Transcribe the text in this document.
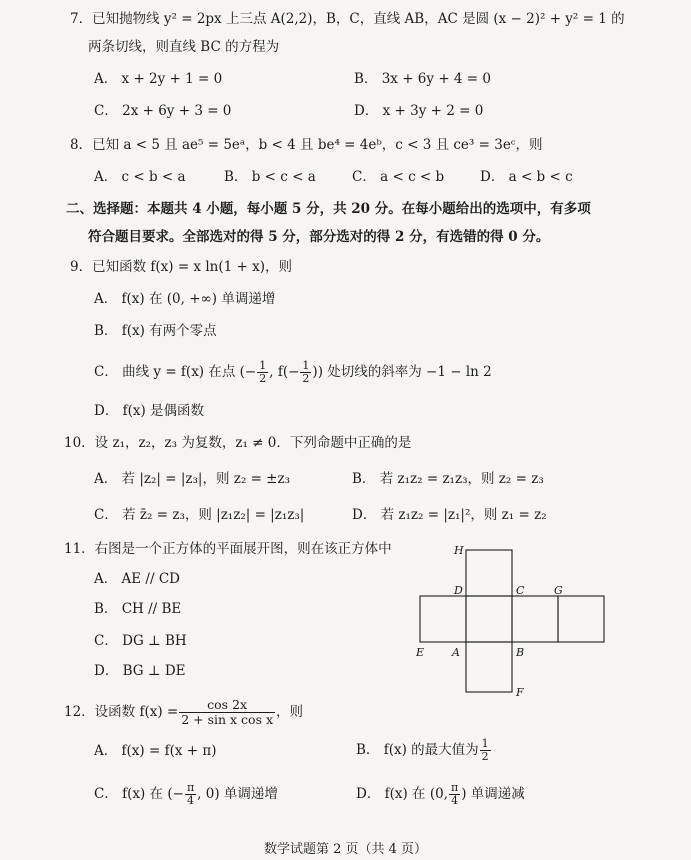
7．已知抛物线 y² = 2px 上三点 A(2,2)，B，C，直线 AB，AC 是圆 (x − 2)² + y² = 1 的
两条切线，则直线 BC 的方程为
A． x + 2y + 1 = 0	B． 3x + 6y + 4 = 0
C． 2x + 6y + 3 = 0	D． x + 3y + 2 = 0
8．已知 a < 5 且 ae⁵ = 5eᵃ，b < 4 且 be⁴ = 4eᵇ，c < 3 且 ce³ = 3eᶜ，则
A． c < b < a	B． b < c < a	C． a < c < b	D． a < b < c
二、选择题：本题共 4 小题，每小题 5 分，共 20 分。在每小题给出的选项中，有多项
符合题目要求。全部选对的得 5 分，部分选对的得 2 分，有选错的得 0 分。
9．已知函数 f(x) = x ln(1 + x)，则
A． f(x) 在 (0, +∞) 单调递增
B． f(x) 有两个零点
C． 曲线 y = f(x) 在点 (− $\frac{1}{2}$ , $f(- \frac{1}{2}$ )) 处切线的斜率为 −1 − ln 2
D． f(x) 是偶函数
10．设 z₁，z₂，z₃ 为复数，z₁ ≠ 0．下列命题中正确的是
A． 若 |z₂| = |z₃|，则 z₂ = ±z₃	B． 若 z₁z₂ = z₁z₃，则 z₂ = z₃
C． 若 z̄₂ = z₃，则 |z₁z₂| = |z₁z₃|	D． 若 z₁z₂ = |z₁|²，则 z₁ = z₂
11．右图是一个正方体的平面展开图，则在该正方体中
A． AE // CD
B． CH // BE
C． DG ⊥ BH
D． BG ⊥ DE
H
D	C	G
E	A	B
F
12．设函数 $f(x) = \frac{\cos 2x}{\text{2 + sin x cos x}}$ ，则
A． f(x) = f(x + π)	B． f(x) 的最大值为 $\frac{1}{2}$
C． f(x) 在 (− $\frac{\pi}{4}$ , 0) 单调递增	D． f(x) 在 (0, $\frac{\pi}{4}$ ) 单调递减
数学试题第 2 页（共 4 页）
